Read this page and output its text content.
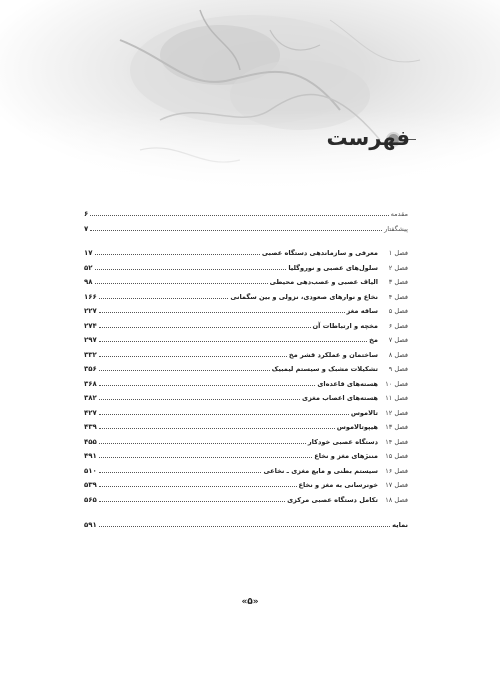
فهرست
مقدمه
۶
پیشگفتار
۷
فصل ۱
معرفی و سازماندهی دستگاه عصبی
۱۷
فصل ۲
سلول‌های عصبی و نوروگلیا
۵۲
فصل ۳
الیاف عصبی و عصب‌دهی محیطی
۹۸
فصل ۴
نخاع و نوارهای صعودی، نزولی و بین سگمانی
۱۶۶
فصل ۵
ساقه مغز
۲۲۷
فصل ۶
مخچه و ارتباطات آن
۲۷۴
فصل ۷
مخ
۲۹۷
فصل ۸
ساختمان و عملکرد قشر مخ
۳۳۲
فصل ۹
تشکیلات مشبک و سیستم لیمبیک
۳۵۶
فصل ۱۰
هسته‌های قاعده‌ای
۳۶۸
فصل ۱۱
هسته‌های اعصاب مغزی
۳۸۲
فصل ۱۲
تالاموس
۴۲۷
فصل ۱۳
هیپوتالاموس
۴۳۹
فصل ۱۴
دستگاه عصبی خودکار
۴۵۵
فصل ۱۵
مننژهای مغز و نخاع
۴۹۱
فصل ۱۶
سیستم بطنی و مایع مغزی ـ نخاعی
۵۱۰
فصل ۱۷
خونرسانی به مغز و نخاع
۵۳۹
فصل ۱۸
تکامل دستگاه عصبی مرکزی
۵۶۵
نمایه
۵۹۱
«۵»
